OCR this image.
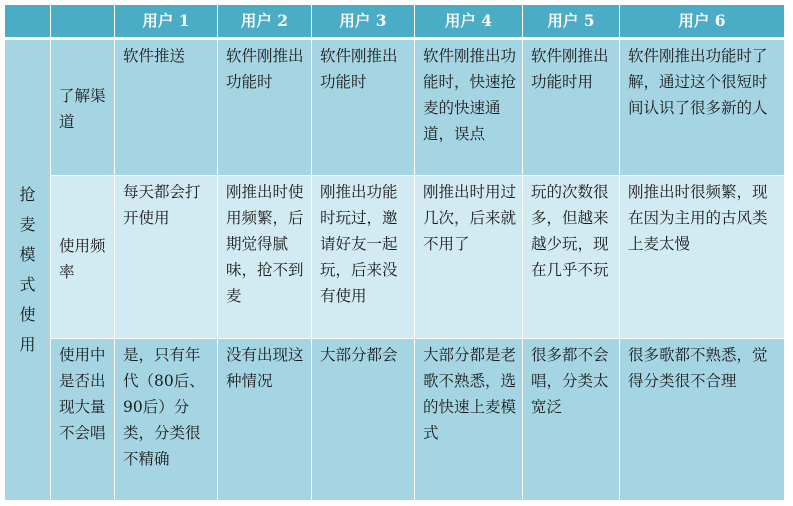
		用户 1	用户 2	用户 3	用户 4	用户 5	用户 6

抢麦模式使用	了解渠道	软件推送	软件刚推出功能时	软件刚推出功能时	软件刚推出功能时，快速抢麦的快速通道，误点	软件刚推出功能时用	软件刚推出功能时了解，通过这个很短时间认识了很多新的人
	使用频率	每天都会打开使用	刚推出时使用频繁，后期觉得腻味，抢不到麦	刚推出功能时玩过，邀请好友一起玩，后来没有使用	刚推出时用过几次，后来就不用了	玩的次数很多，但越来越少玩，现在几乎不玩	刚推出时很频繁，现在因为主用的古风类上麦太慢
	使用中是否出现大量不会唱	是，只有年代（80后、90后）分类，分类很不精确	没有出现这种情况	大部分都会	大部分都是老歌不熟悉，选的快速上麦模式	很多都不会唱，分类太宽泛	很多歌都不熟悉，觉得分类很不合理
